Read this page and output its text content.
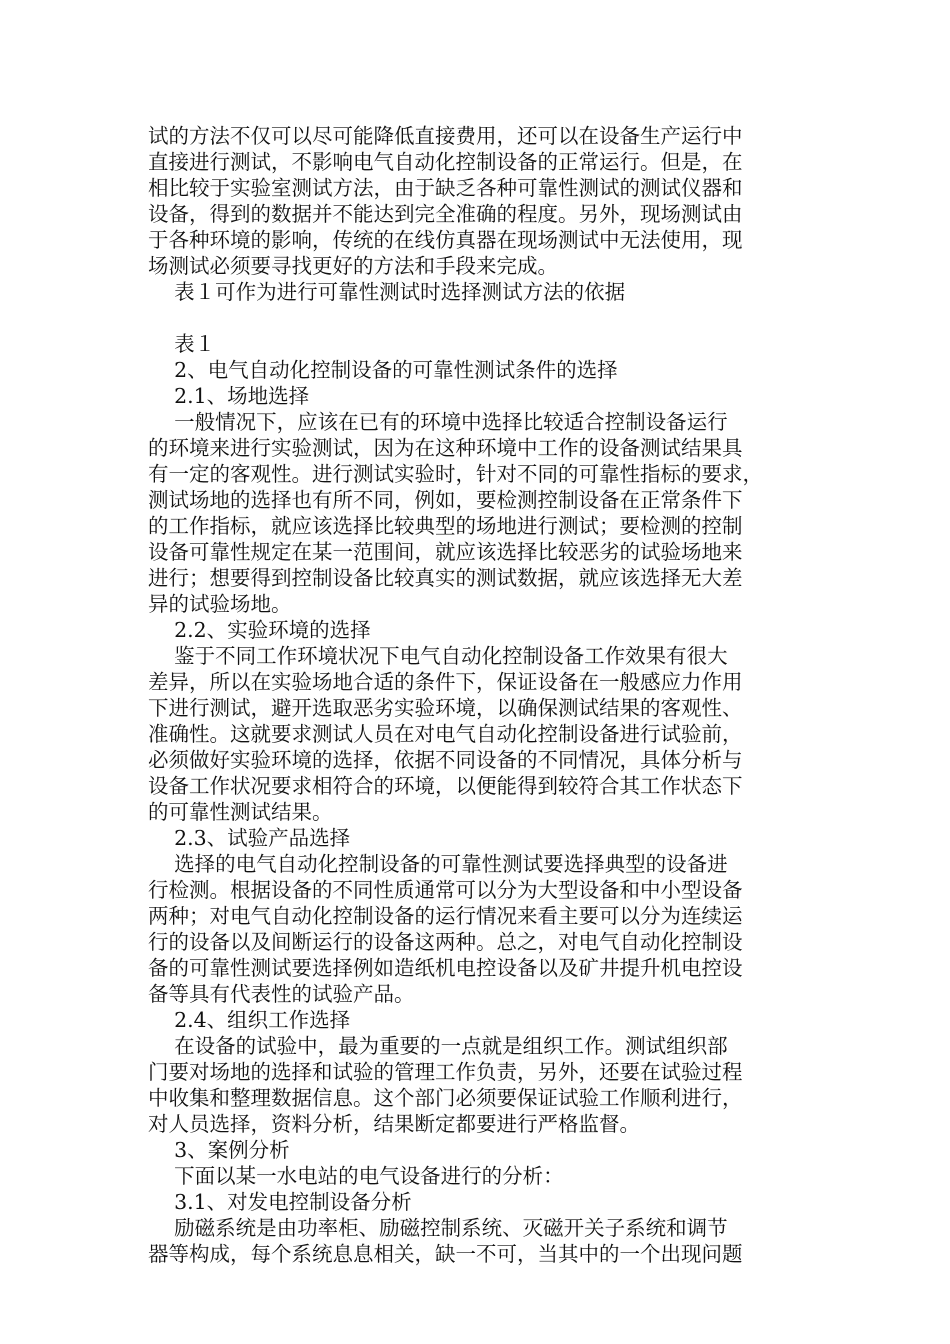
试的方法不仅可以尽可能降低直接费用，还可以在设备生产运行中
直接进行测试，不影响电气自动化控制设备的正常运行。但是，在
相比较于实验室测试方法，由于缺乏各种可靠性测试的测试仪器和
设备，得到的数据并不能达到完全准确的程度。另外，现场测试由
于各种环境的影响，传统的在线仿真器在现场测试中无法使用，现
场测试必须要寻找更好的方法和手段来完成。
表１可作为进行可靠性测试时选择测试方法的依据
表１
2、电气自动化控制设备的可靠性测试条件的选择
2.1、场地选择
一般情况下，应该在已有的环境中选择比较适合控制设备运行
的环境来进行实验测试，因为在这种环境中工作的设备测试结果具
有一定的客观性。进行测试实验时，针对不同的可靠性指标的要求，
测试场地的选择也有所不同，例如，要检测控制设备在正常条件下
的工作指标，就应该选择比较典型的场地进行测试；要检测的控制
设备可靠性规定在某一范围间，就应该选择比较恶劣的试验场地来
进行；想要得到控制设备比较真实的测试数据，就应该选择无大差
异的试验场地。
2.2、实验环境的选择
鉴于不同工作环境状况下电气自动化控制设备工作效果有很大
差异，所以在实验场地合适的条件下，保证设备在一般感应力作用
下进行测试，避开选取恶劣实验环境，以确保测试结果的客观性、
准确性。这就要求测试人员在对电气自动化控制设备进行试验前，
必须做好实验环境的选择，依据不同设备的不同情况，具体分析与
设备工作状况要求相符合的环境，以便能得到较符合其工作状态下
的可靠性测试结果。
2.3、试验产品选择
选择的电气自动化控制设备的可靠性测试要选择典型的设备进
行检测。根据设备的不同性质通常可以分为大型设备和中小型设备
两种；对电气自动化控制设备的运行情况来看主要可以分为连续运
行的设备以及间断运行的设备这两种。总之，对电气自动化控制设
备的可靠性测试要选择例如造纸机电控设备以及矿井提升机电控设
备等具有代表性的试验产品。
2.4、组织工作选择
在设备的试验中，最为重要的一点就是组织工作。测试组织部
门要对场地的选择和试验的管理工作负责，另外，还要在试验过程
中收集和整理数据信息。这个部门必须要保证试验工作顺利进行，
对人员选择，资料分析，结果断定都要进行严格监督。
3、案例分析
下面以某一水电站的电气设备进行的分析：
3.1、对发电控制设备分析
励磁系统是由功率柜、励磁控制系统、灭磁开关子系统和调节
器等构成，每个系统息息相关，缺一不可，当其中的一个出现问题
